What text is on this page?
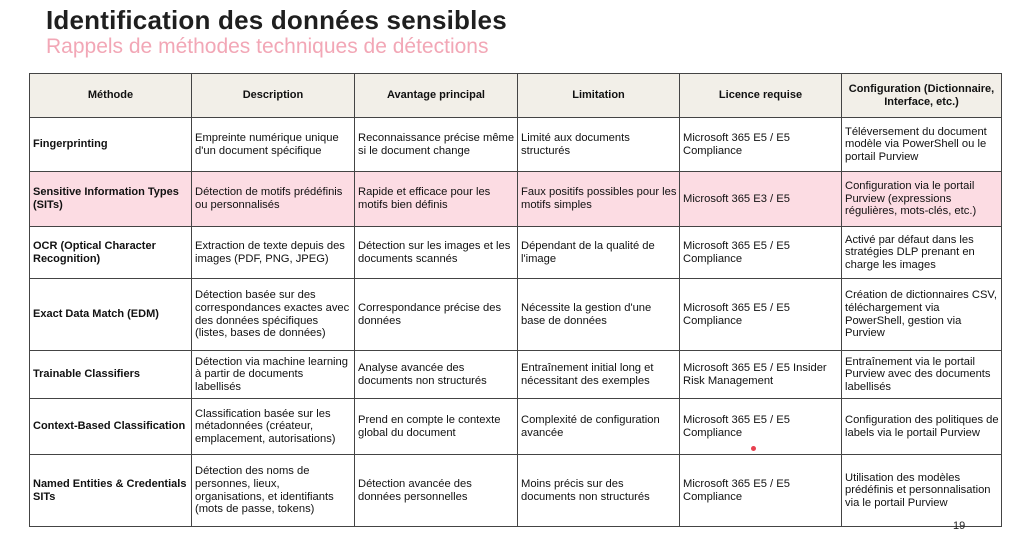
Identification des données sensibles
Rappels de méthodes techniques de détections
Méthode	Description	Avantage principal	Limitation	Licence requise	Configuration (Dictionnaire, Interface, etc.)
Fingerprinting	Empreinte numérique unique d'un document spécifique	Reconnaissance précise même si le document change	Limité aux documents structurés	Microsoft 365 E5 / E5 Compliance	Téléversement du document modèle via PowerShell ou le portail Purview
Sensitive Information Types (SITs)	Détection de motifs prédéfinis ou personnalisés	Rapide et efficace pour les motifs bien définis	Faux positifs possibles pour les motifs simples	Microsoft 365 E3 / E5	Configuration via le portail Purview (expressions régulières, mots-clés, etc.)
OCR (Optical Character Recognition)	Extraction de texte depuis des images (PDF, PNG, JPEG)	Détection sur les images et les documents scannés	Dépendant de la qualité de l'image	Microsoft 365 E5 / E5 Compliance	Activé par défaut dans les stratégies DLP prenant en charge les images
Exact Data Match (EDM)	Détection basée sur des correspondances exactes avec des données spécifiques (listes, bases de données)	Correspondance précise des données	Nécessite la gestion d'une base de données	Microsoft 365 E5 / E5 Compliance	Création de dictionnaires CSV, téléchargement via PowerShell, gestion via Purview
Trainable Classifiers	Détection via machine learning à partir de documents labellisés	Analyse avancée des documents non structurés	Entraînement initial long et nécessitant des exemples	Microsoft 365 E5 / E5 Insider Risk Management	Entraînement via le portail Purview avec des documents labellisés
Context-Based Classification	Classification basée sur les métadonnées (créateur, emplacement, autorisations)	Prend en compte le contexte global du document	Complexité de configuration avancée	Microsoft 365 E5 / E5 Compliance	Configuration des politiques de labels via le portail Purview
Named Entities & Credentials SITs	Détection des noms de personnes, lieux, organisations, et identifiants (mots de passe, tokens)	Détection avancée des données personnelles	Moins précis sur des documents non structurés	Microsoft 365 E5 / E5 Compliance	Utilisation des modèles prédéfinis et personnalisation via le portail Purview
19
